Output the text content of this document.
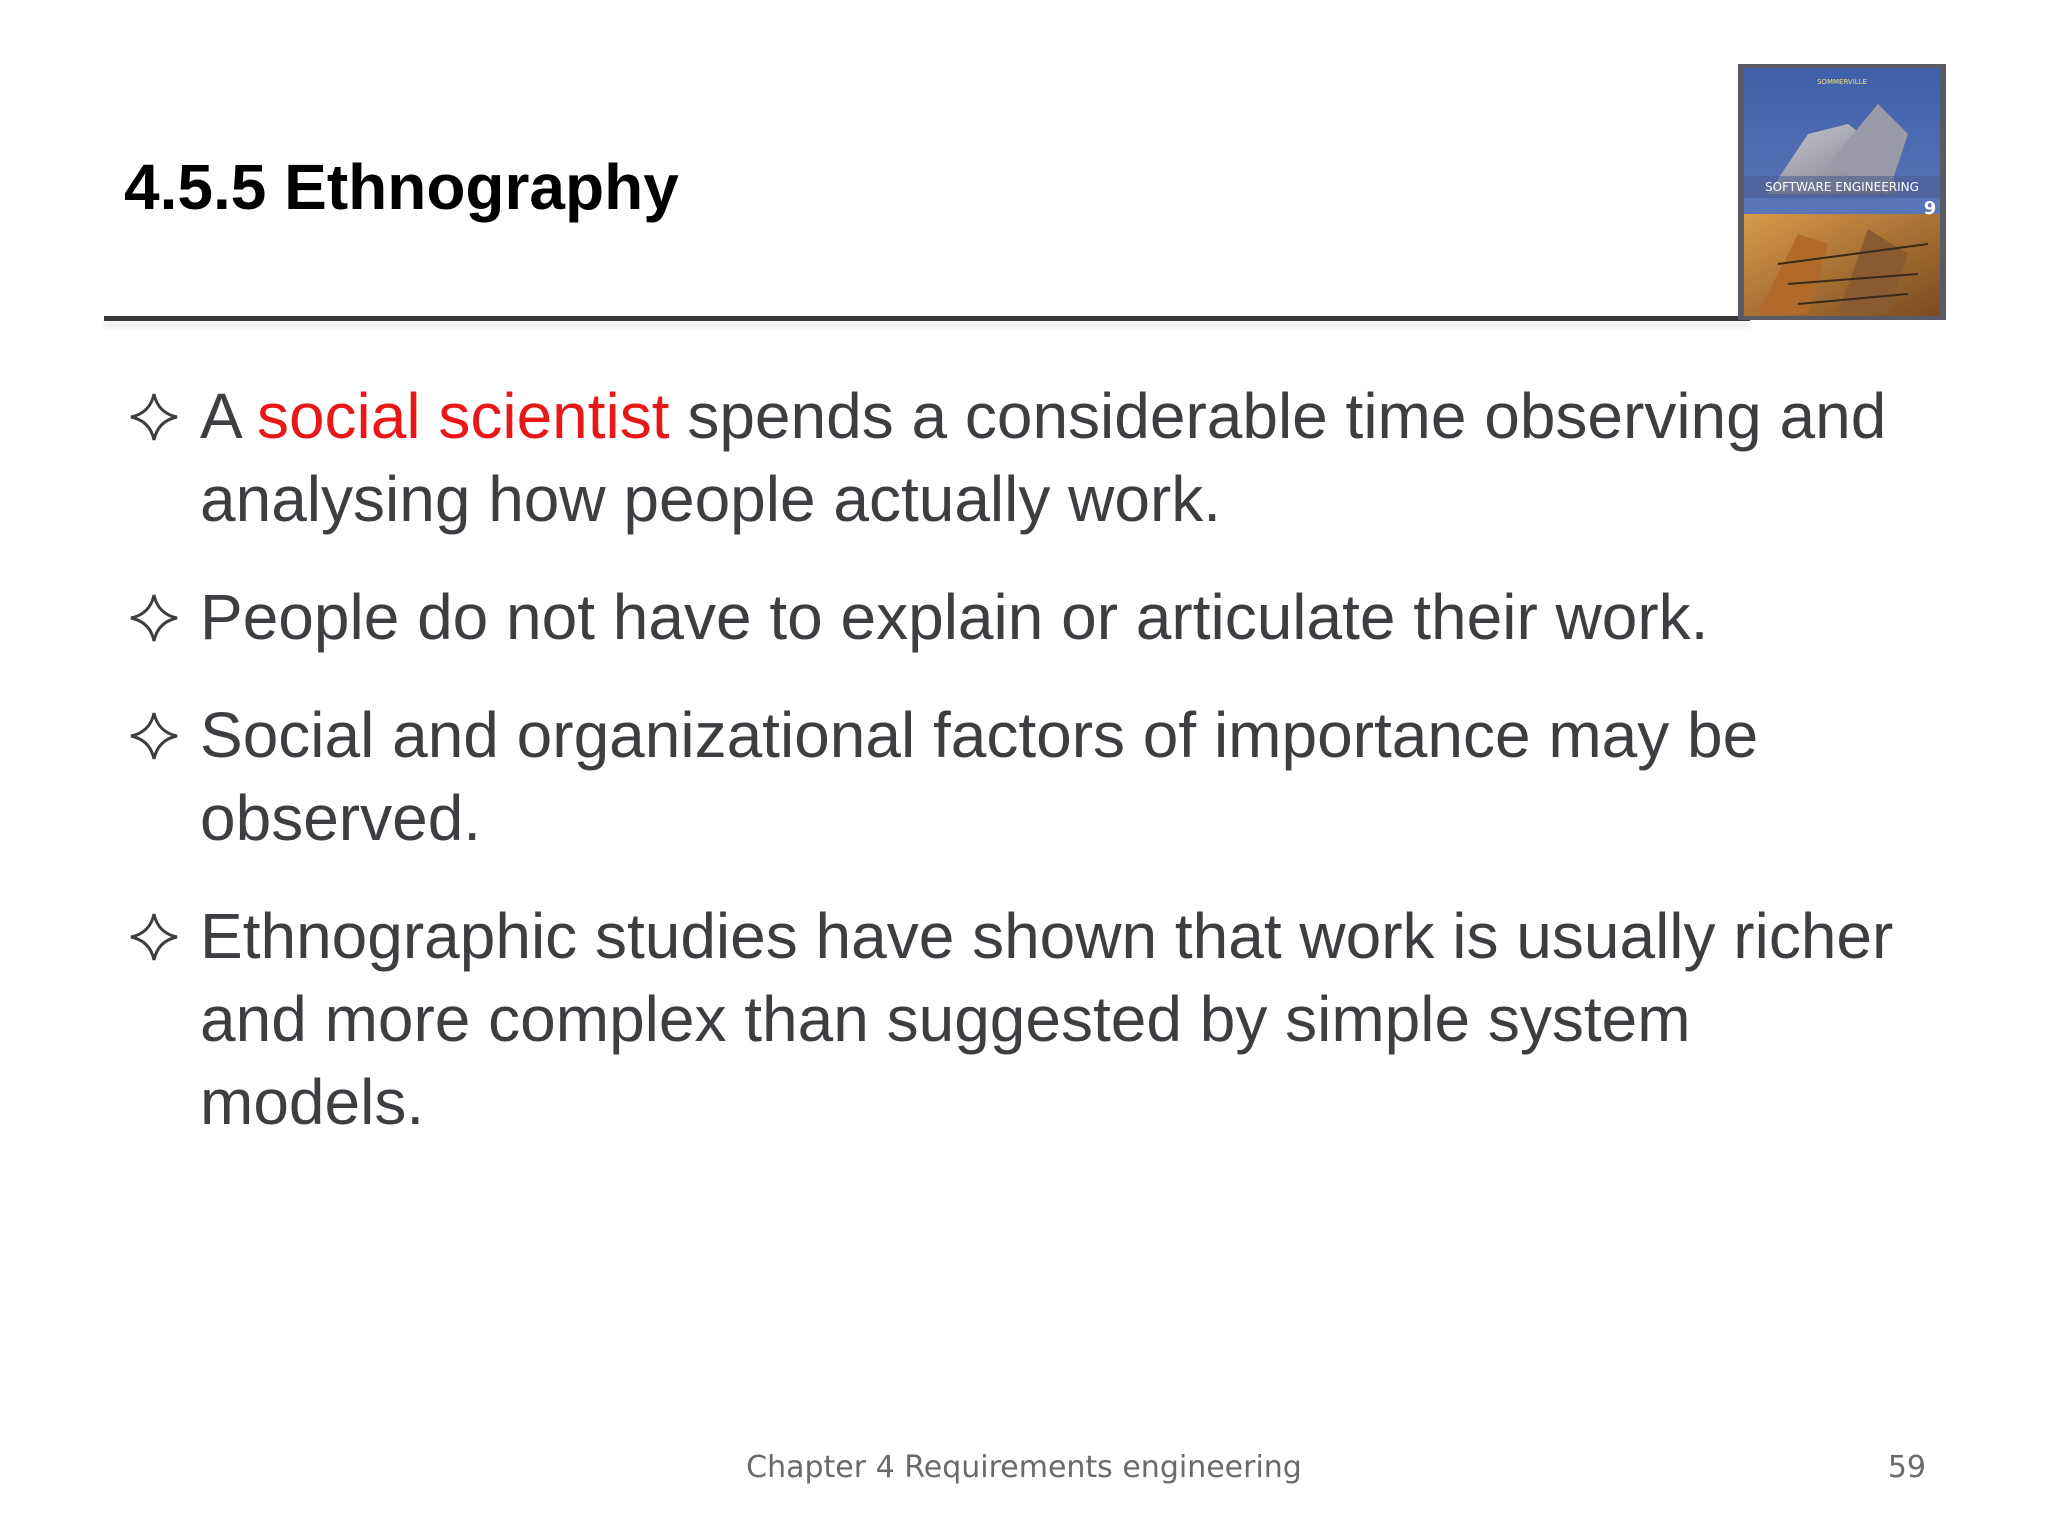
4.5.5 Ethnography	SOFTWARE ENGINEERING
9
SOMMERVILLE
A social scientist spends a considerable time observing and analysing how people actually work.
People do not have to explain or articulate their work.
Social and organizational factors of importance may be observed.
Ethnographic studies have shown that work is usually richer and more complex than suggested by simple system models.
Chapter 4 Requirements engineering	59
